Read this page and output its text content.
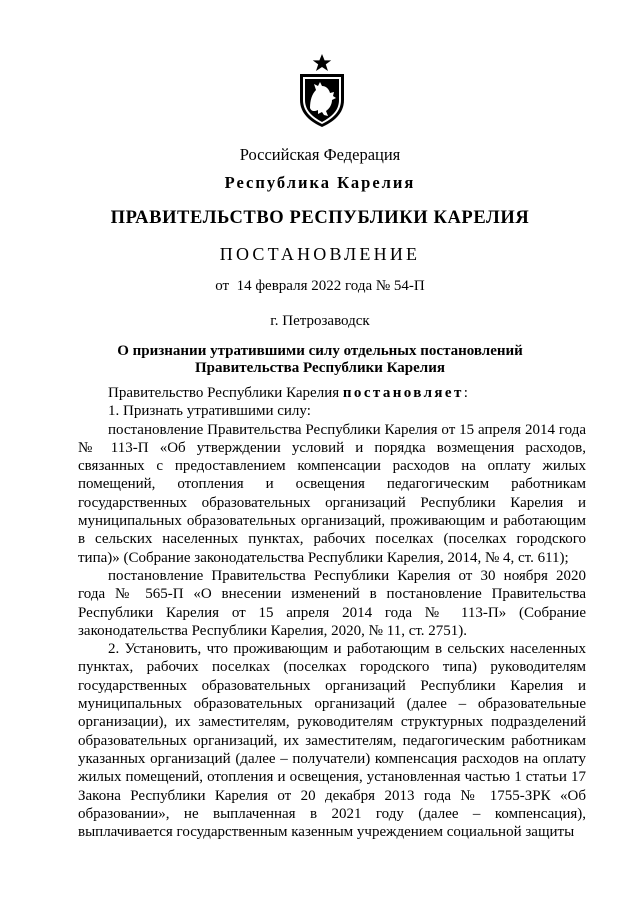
Российская Федерация
Республика Карелия
ПРАВИТЕЛЬСТВО РЕСПУБЛИКИ КАРЕЛИЯ
ПОСТАНОВЛЕНИЕ
от  14 февраля 2022 года № 54-П
г. Петрозаводск
О признании утратившими силу отдельных постановлений
Правительства Республики Карелия

Правительство Республики Карелия постановляет:

1. Признать утратившими силу:

постановление Правительства Республики Карелия от 15 апреля 2014 года № 113-П «Об утверждении условий и порядка возмещения расходов, связанных с предоставлением компенсации расходов на оплату жилых помещений, отопления и освещения педагогическим работникам государственных образовательных организаций Республики Карелия и муниципальных образовательных организаций, проживающим и работающим в сельских населенных пунктах, рабочих поселках (поселках городского типа)» (Собрание законодательства Республики Карелия, 2014, № 4, ст. 611);

постановление Правительства Республики Карелия от 30 ноября 2020 года № 565-П «О внесении изменений в постановление Правительства Республики Карелия от 15 апреля 2014 года № 113-П» (Собрание законодательства Республики Карелия, 2020, № 11, ст. 2751).

2. Установить, что проживающим и работающим в сельских населенных пунктах, рабочих поселках (поселках городского типа) руководителям государственных образовательных организаций Республики Карелия и муниципальных образовательных организаций (далее – образовательные организации), их заместителям, руководителям структурных подразделений образовательных организаций, их заместителям, педагогическим работникам указанных организаций (далее – получатели) компенсация расходов на оплату жилых помещений, отопления и освещения, установленная частью 1 статьи 17 Закона Республики Карелия от 20 декабря 2013 года № 1755-ЗРК «Об образовании», не выплаченная в 2021 году (далее – компенсация), выплачивается государственным казенным учреждением социальной защиты
